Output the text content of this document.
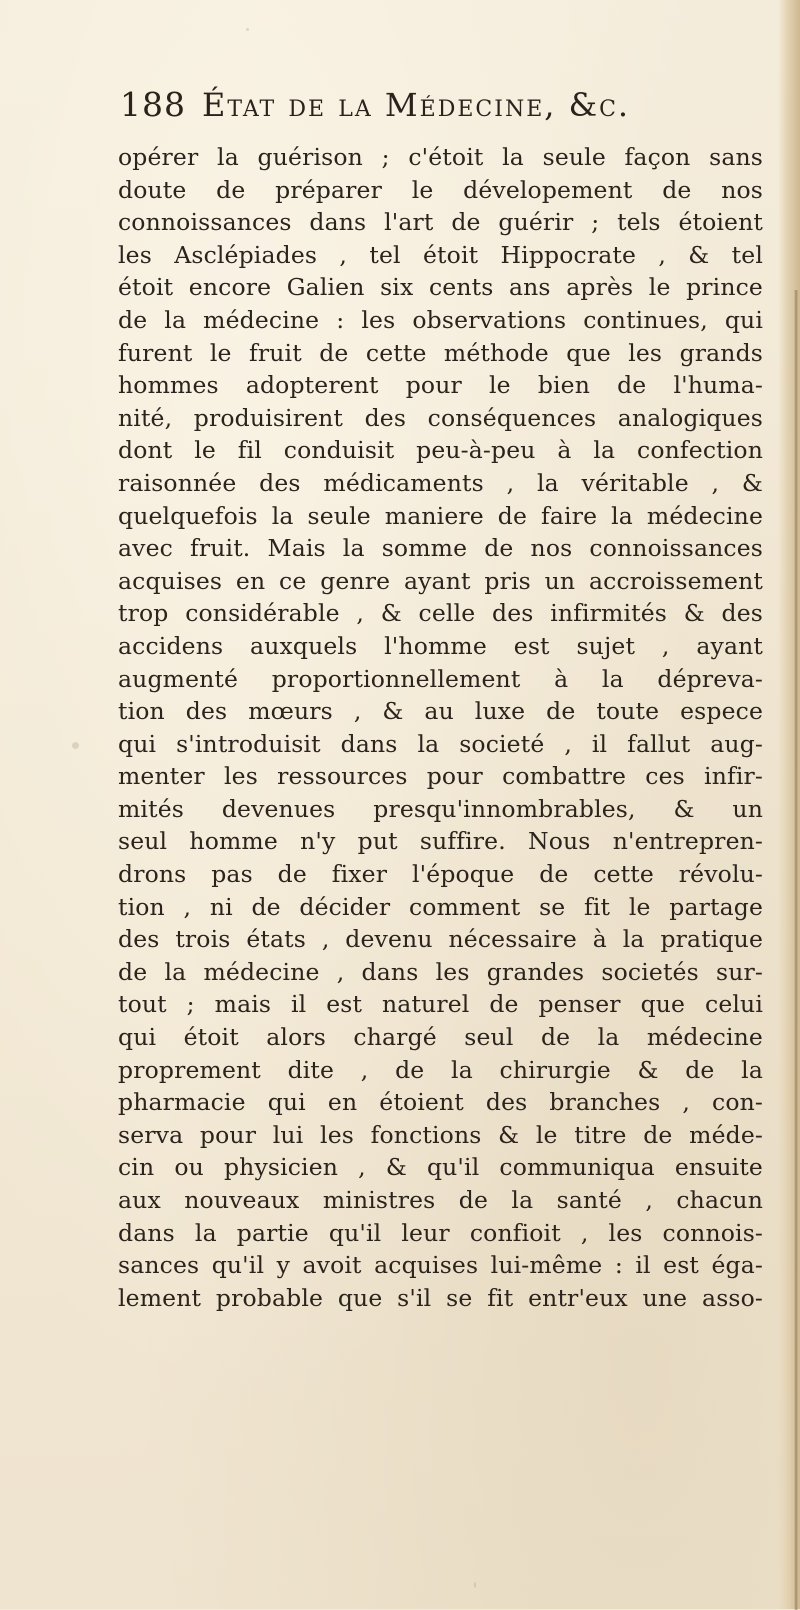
188 État de la Médecine, &c.
opérer la guérison ; c'étoit la seule façon sans
doute de préparer le dévelopement de nos
connoissances dans l'art de guérir ; tels étoient
les Asclépiades , tel étoit Hippocrate , & tel
étoit encore Galien six cents ans après le prince
de la médecine : les observations continues, qui
furent le fruit de cette méthode que les grands
hommes adopterent pour le bien de l'huma-
nité, produisirent des conséquences analogiques
dont le fil conduisit peu-à-peu à la confection
raisonnée des médicaments , la véritable , &
quelquefois la seule maniere de faire la médecine
avec fruit. Mais la somme de nos connoissances
acquises en ce genre ayant pris un accroissement
trop considérable , & celle des infirmités & des
accidens auxquels l'homme est sujet , ayant
augmenté proportionnellement à la dépreva-
tion des mœurs , & au luxe de toute espece
qui s'introduisit dans la societé , il fallut aug-
menter les ressources pour combattre ces infir-
mités devenues presqu'innombrables, & un
seul homme n'y put suffire. Nous n'entrepren-
drons pas de fixer l'époque de cette révolu-
tion , ni de décider comment se fit le partage
des trois états , devenu nécessaire à la pratique
de la médecine , dans les grandes societés sur-
tout ; mais il est naturel de penser que celui
qui étoit alors chargé seul de la médecine
proprement dite , de la chirurgie & de la
pharmacie qui en étoient des branches , con-
serva pour lui les fonctions & le titre de méde-
cin ou physicien , & qu'il communiqua ensuite
aux nouveaux ministres de la santé , chacun
dans la partie qu'il leur confioit , les connois-
sances qu'il y avoit acquises lui-même : il est éga-
lement probable que s'il se fit entr'eux une asso-
